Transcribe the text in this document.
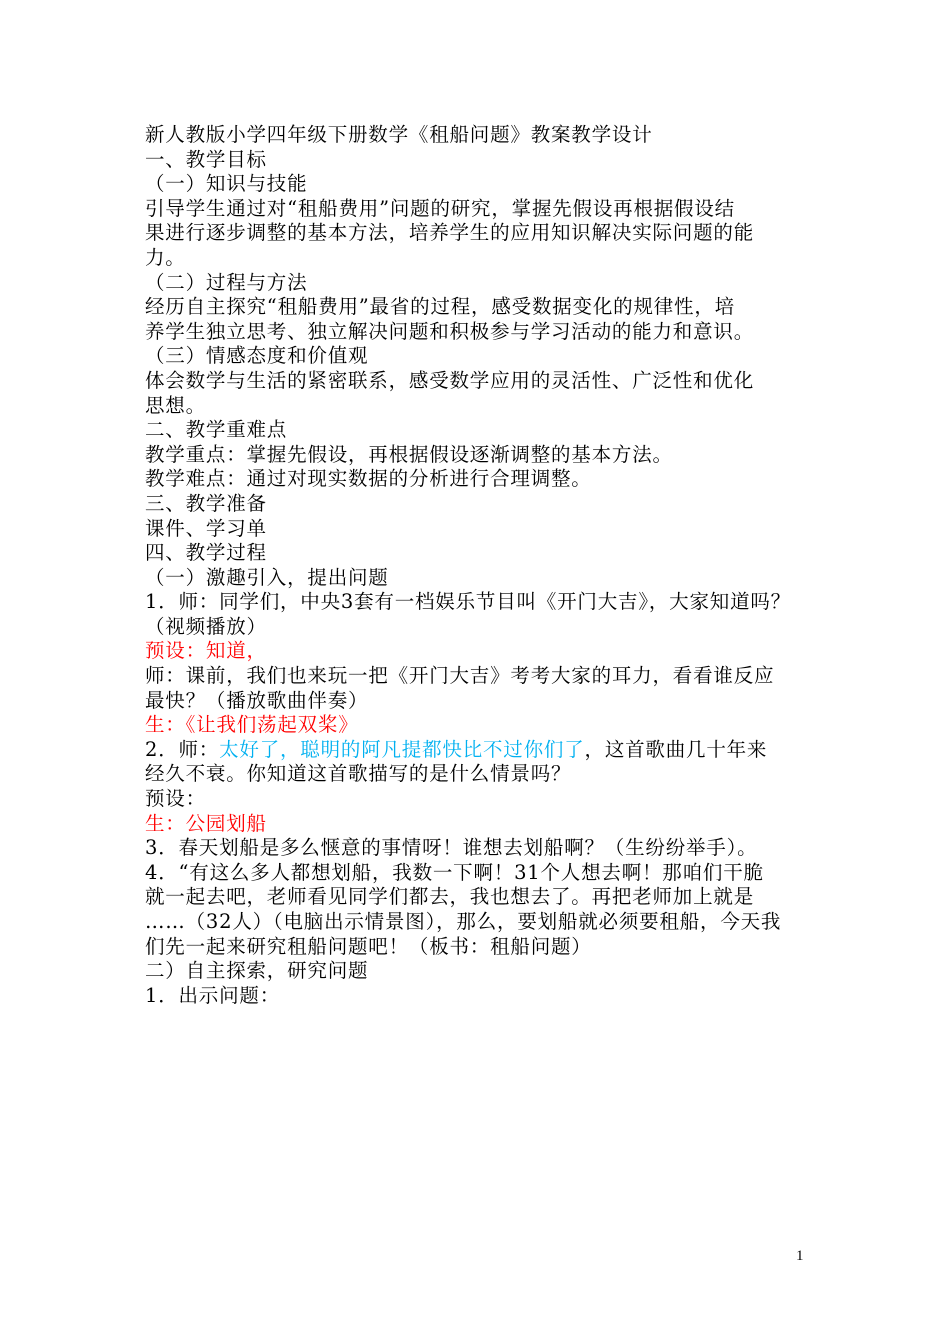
新人教版小学四年级下册数学《租船问题》教案教学设计
一、教学目标
（一）知识与技能
引导学生通过对“租船费用”问题的研究，掌握先假设再根据假设结
果进行逐步调整的基本方法，培养学生的应用知识解决实际问题的能
力。
（二）过程与方法
经历自主探究“租船费用”最省的过程，感受数据变化的规律性，培
养学生独立思考、独立解决问题和积极参与学习活动的能力和意识。
（三）情感态度和价值观
体会数学与生活的紧密联系，感受数学应用的灵活性、广泛性和优化
思想。
二、教学重难点
教学重点：掌握先假设，再根据假设逐渐调整的基本方法。
教学难点：通过对现实数据的分析进行合理调整。
三、教学准备
课件、学习单
四、教学过程
（一）激趣引入，提出问题
1．师：同学们，中央3套有一档娱乐节目叫《开门大吉》，大家知道吗？
（视频播放）
预设：知道，
师：课前，我们也来玩一把《开门大吉》考考大家的耳力，看看谁反应
最快？（播放歌曲伴奏）
生：《让我们荡起双桨》
2．师：太好了，聪明的阿凡提都快比不过你们了，这首歌曲几十年来
经久不衰。你知道这首歌描写的是什么情景吗？
预设：
生：公园划船
3．春天划船是多么惬意的事情呀！谁想去划船啊？（生纷纷举手）。
4．“有这么多人都想划船，我数一下啊！31个人想去啊！那咱们干脆
就一起去吧，老师看见同学们都去，我也想去了。再把老师加上就是
……（32人）（电脑出示情景图），那么，要划船就必须要租船，今天我
们先一起来研究租船问题吧！（板书：租船问题）
二）自主探索，研究问题
1．出示问题：
1
